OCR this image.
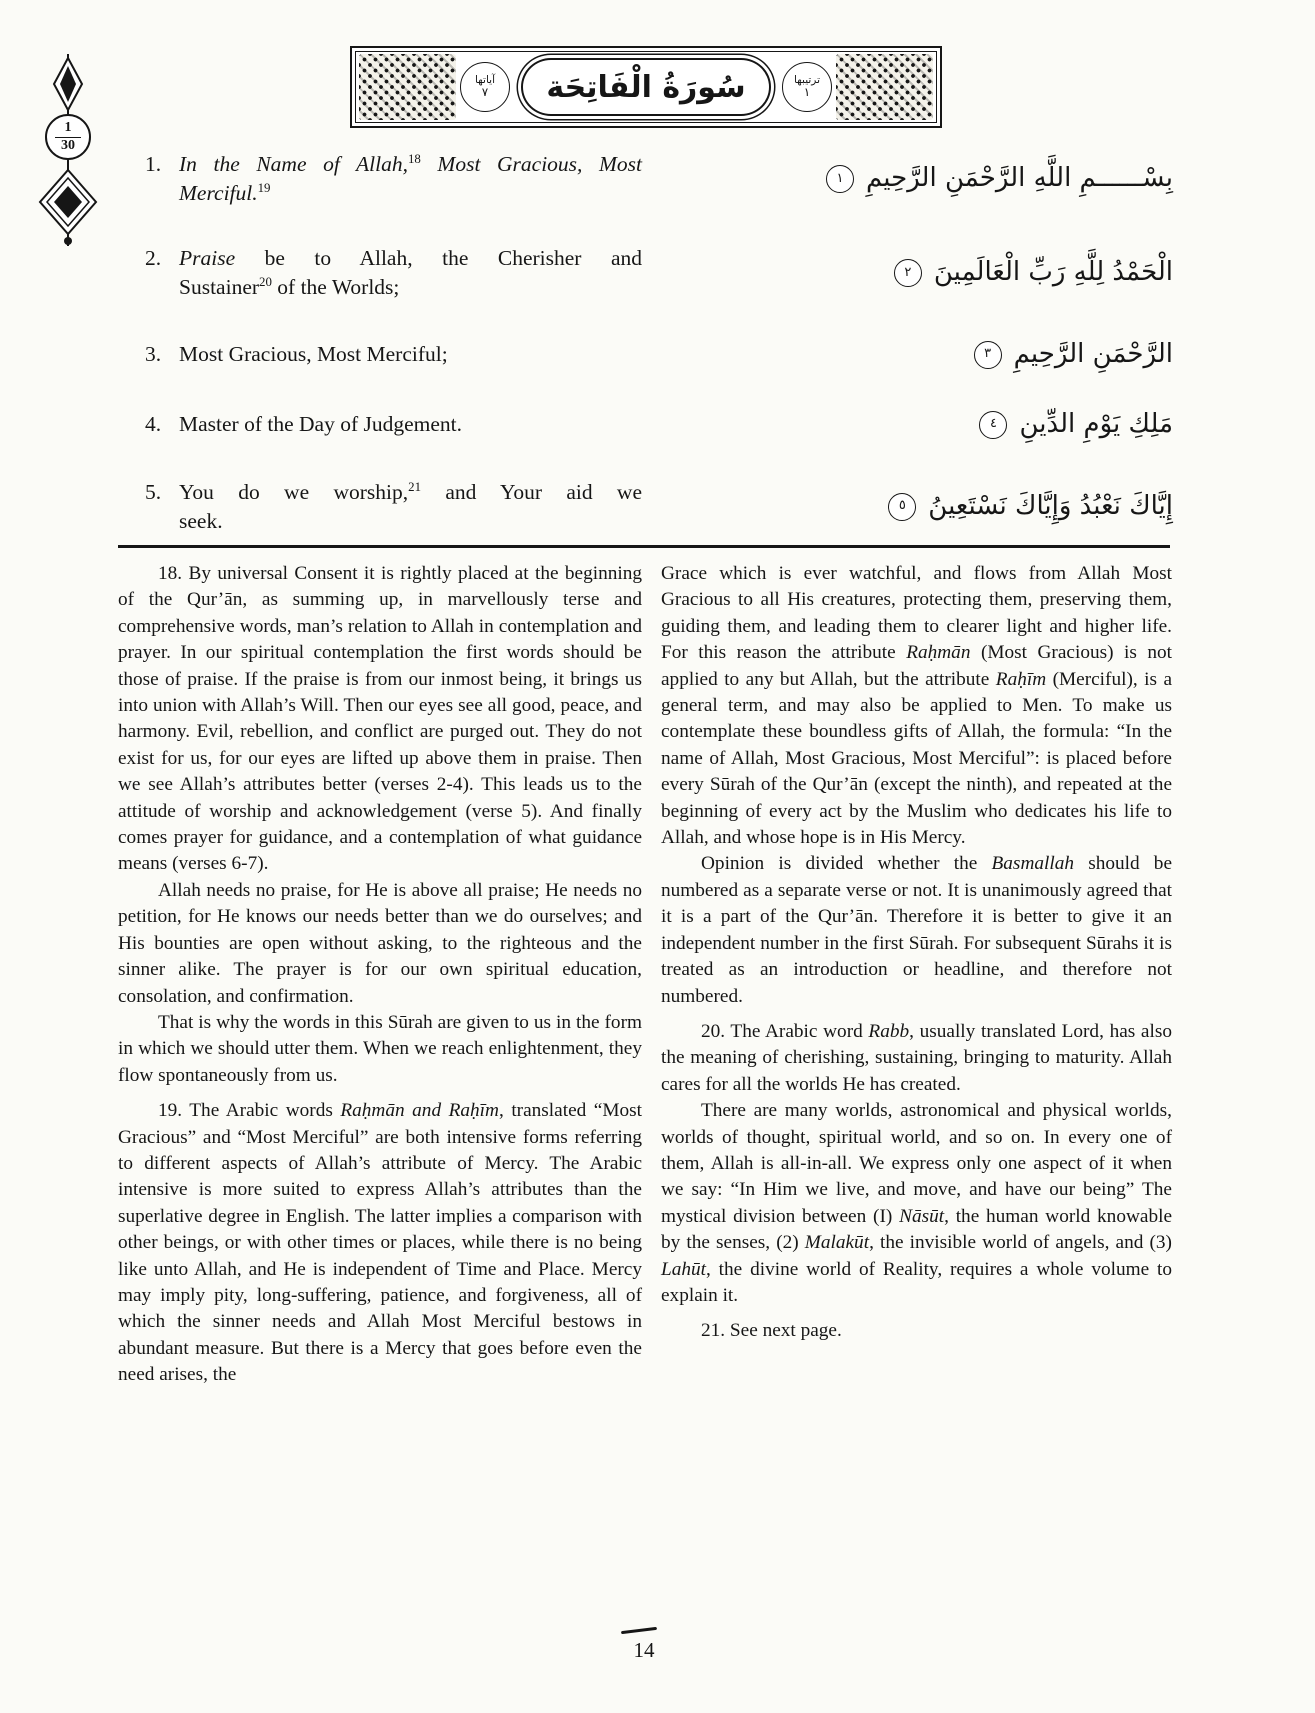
آياتها
٧ سُورَةُ الْفَاتِحَة	ترتيبها
١
1
30
1. In the Name of Allah,$^{18}$ Most Gracious, Most
Merciful.$^{19}$	بِسْــــــمِ اللَّهِ الرَّحْمَنِ الرَّحِيمِ
١
2. Praise be to Allah, the Cherisher and
Sustainer$^{20}$ of the Worlds;	الْحَمْدُ لِلَّهِ رَبِّ الْعَالَمِينَ
٢
3. Most Gracious, Most Merciful;	الرَّحْمَنِ الرَّحِيمِ
٣
4. Master of the Day of Judgement.	مَلِكِ يَوْمِ الدِّينِ
٤
5. You do we worship,$^{21}$ and Your aid we
seek.	إِيَّاكَ نَعْبُدُ وَإِيَّاكَ نَسْتَعِينُ
٥

18. By universal Consent it is rightly placed at the beginning of the Qur’ān, as summing up, in marvellously terse and comprehensive words, man’s relation to Allah in contemplation and prayer. In our spiritual contemplation the first words should be those of praise. If the praise is from our inmost being, it brings us into union with Allah’s Will. Then our eyes see all good, peace, and harmony. Evil, rebellion, and conflict are purged out. They do not exist for us, for our eyes are lifted up above them in praise. Then we see Allah’s attributes better (verses 2-4). This leads us to the attitude of worship and acknowledgement (verse 5). And finally comes prayer for guidance, and a contemplation of what guidance means (verses 6-7).

Allah needs no praise, for He is above all praise; He needs no petition, for He knows our needs better than we do ourselves; and His bounties are open without asking, to the righteous and the sinner alike. The prayer is for our own spiritual education, consolation, and confirmation.

That is why the words in this Sūrah are given to us in the form in which we should utter them. When we reach enlightenment, they flow spontaneously from us.

19. The Arabic words Raḥmān and Raḥīm, translated “Most Gracious” and “Most Merciful” are both intensive forms referring to different aspects of Allah’s attribute of Mercy. The Arabic intensive is more suited to express Allah’s attributes than the superlative degree in English. The latter implies a comparison with other beings, or with other times or places, while there is no being like unto Allah, and He is independent of Time and Place. Mercy may imply pity, long-suffering, patience, and forgiveness, all of which the sinner needs and Allah Most Merciful bestows in abundant measure. But there is a Mercy that goes before even the need arises, the

Grace which is ever watchful, and flows from Allah Most Gracious to all His creatures, protecting them, preserving them, guiding them, and leading them to clearer light and higher life. For this reason the attribute Raḥmān (Most Gracious) is not applied to any but Allah, but the attribute Raḥīm (Merciful), is a general term, and may also be applied to Men. To make us contemplate these boundless gifts of Allah, the formula: “In the name of Allah, Most Gracious, Most Merciful”: is placed before every Sūrah of the Qur’ān (except the ninth), and repeated at the beginning of every act by the Muslim who dedicates his life to Allah, and whose hope is in His Mercy.

Opinion is divided whether the Basmallah should be numbered as a separate verse or not. It is unanimously agreed that it is a part of the Qur’ān. Therefore it is better to give it an independent number in the first Sūrah. For subsequent Sūrahs it is treated as an introduction or headline, and therefore not numbered.

20. The Arabic word Rabb, usually translated Lord, has also the meaning of cherishing, sustaining, bringing to maturity. Allah cares for all the worlds He has created.

There are many worlds, astronomical and physical worlds, worlds of thought, spiritual world, and so on. In every one of them, Allah is all-in-all. We express only one aspect of it when we say: “In Him we live, and move, and have our being” The mystical division between (I) Nāsūt, the human world knowable by the senses, (2) Malakūt, the invisible world of angels, and (3) Lahūt, the divine world of Reality, requires a whole volume to explain it.

21. See next page.

14
